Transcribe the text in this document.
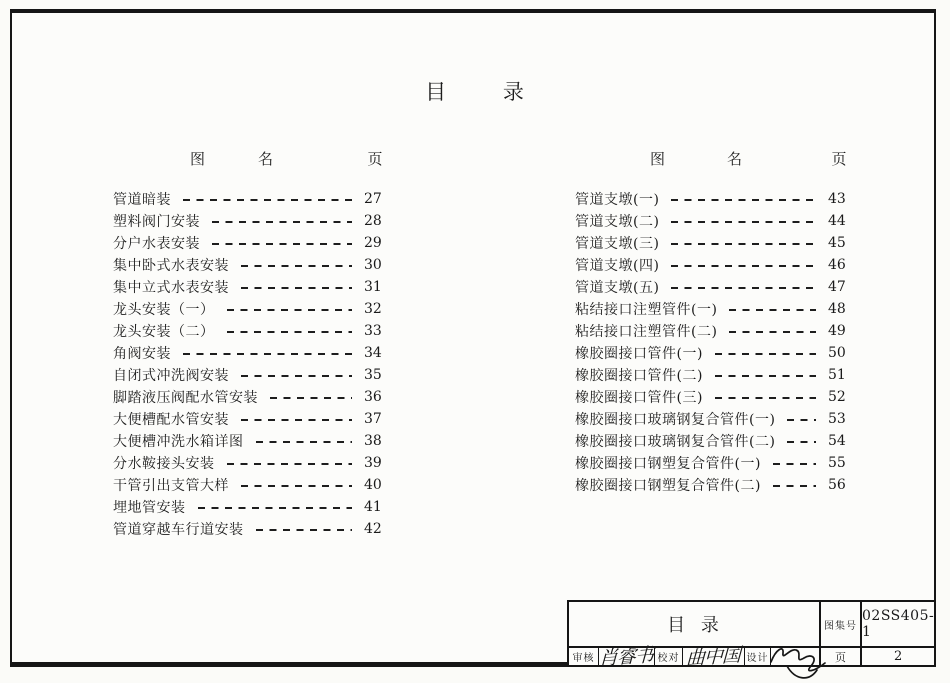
目 录
图	名	页
管道暗装	27
塑料阀门安装	28
分户水表安装	29
集中卧式水表安装	30
集中立式水表安装	31
龙头安装（一）	32
龙头安装（二）	33
角阀安装	34
自闭式冲洗阀安装	35
脚踏液压阀配水管安装	36
大便槽配水管安装	37
大便槽冲洗水箱详图	38
分水鞍接头安装	39
干管引出支管大样	40
埋地管安装	41
管道穿越车行道安装	42
图	名	页
管道支墩(一)	43
管道支墩(二)	44
管道支墩(三)	45
管道支墩(四)	46
管道支墩(五)	47
粘结接口注塑管件(一)	48
粘结接口注塑管件(二)	49
橡胶圈接口管件(一)	50
橡胶圈接口管件(二)	51
橡胶圈接口管件(三)	52
橡胶圈接口玻璃钢复合管件(一)	53
橡胶圈接口玻璃钢复合管件(二)	54
橡胶圈接口钢塑复合管件(一)	55
橡胶圈接口钢塑复合管件(二)	56
目 录	图集号
02SS405-1
审核 肖睿书 校对 曲中国 设计	页	2
